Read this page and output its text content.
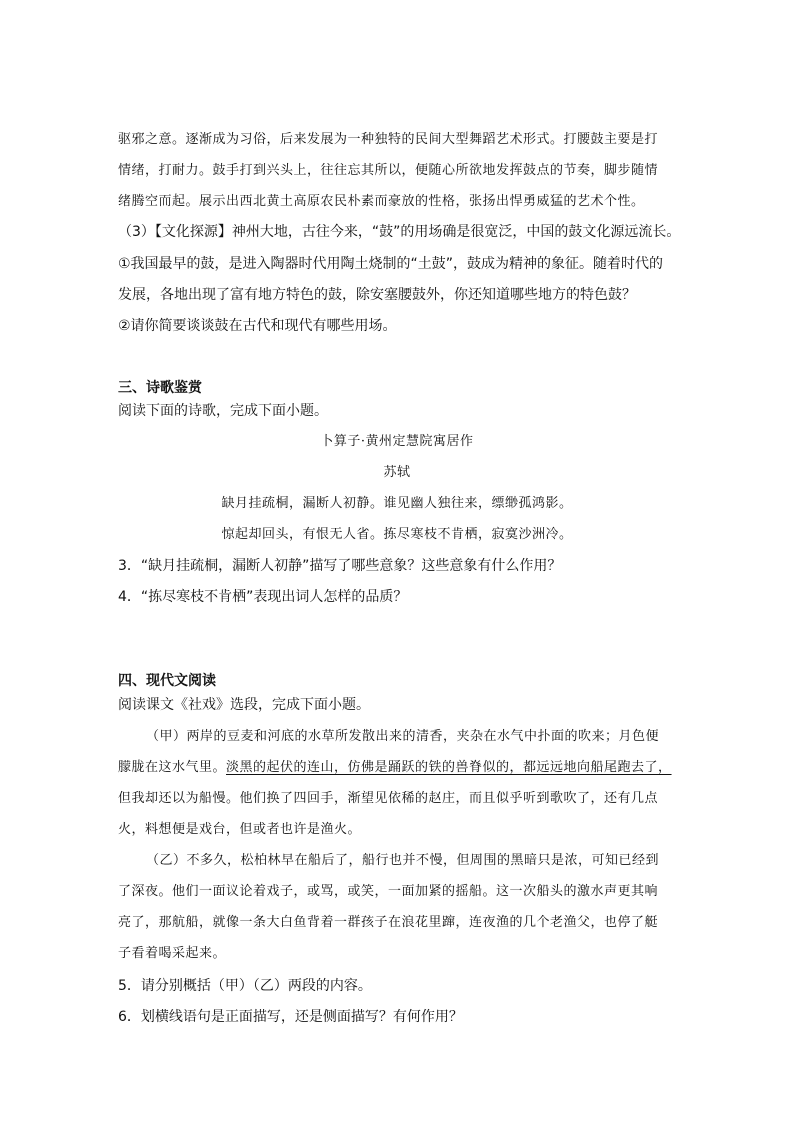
驱邪之意。逐渐成为习俗，后来发展为一种独特的民间大型舞蹈艺术形式。打腰鼓主要是打
情绪，打耐力。鼓手打到兴头上，往往忘其所以，便随心所欲地发挥鼓点的节奏，脚步随情
绪腾空而起。展示出西北黄土高原农民朴素而豪放的性格，张扬出悍勇威猛的艺术个性。
（3）【文化探源】神州大地，古往今来，“鼓”的用场确是很宽泛，中国的鼓文化源远流长。
①我国最早的鼓，是进入陶器时代用陶土烧制的“土鼓”，鼓成为精神的象征。随着时代的
发展，各地出现了富有地方特色的鼓，除安塞腰鼓外，你还知道哪些地方的特色鼓？
②请你简要谈谈鼓在古代和现代有哪些用场。
三、诗歌鉴赏
阅读下面的诗歌，完成下面小题。
卜算子·黄州定慧院寓居作
苏轼
缺月挂疏桐，漏断人初静。谁见幽人独往来，缥缈孤鸿影。
惊起却回头，有恨无人省。拣尽寒枝不肯栖，寂寞沙洲冷。
3．“缺月挂疏桐，漏断人初静”描写了哪些意象？这些意象有什么作用？
4．“拣尽寒枝不肯栖”表现出词人怎样的品质？
四、现代文阅读
阅读课文《社戏》选段，完成下面小题。
（甲）两岸的豆麦和河底的水草所发散出来的清香，夹杂在水气中扑面的吹来；月色便
朦胧在这水气里。淡黑的起伏的连山，仿佛是踊跃的铁的兽脊似的，都远远地向船尾跑去了，
但我却还以为船慢。他们换了四回手，渐望见依稀的赵庄，而且似乎听到歌吹了，还有几点
火，料想便是戏台，但或者也许是渔火。
（乙）不多久，松柏林早在船后了，船行也并不慢，但周围的黑暗只是浓，可知已经到
了深夜。他们一面议论着戏子，或骂，或笑，一面加紧的摇船。这一次船头的激水声更其响
亮了，那航船，就像一条大白鱼背着一群孩子在浪花里蹿，连夜渔的几个老渔父，也停了艇
子看着喝采起来。
5．请分别概括（甲）（乙）两段的内容。
6．划横线语句是正面描写，还是侧面描写？有何作用？
